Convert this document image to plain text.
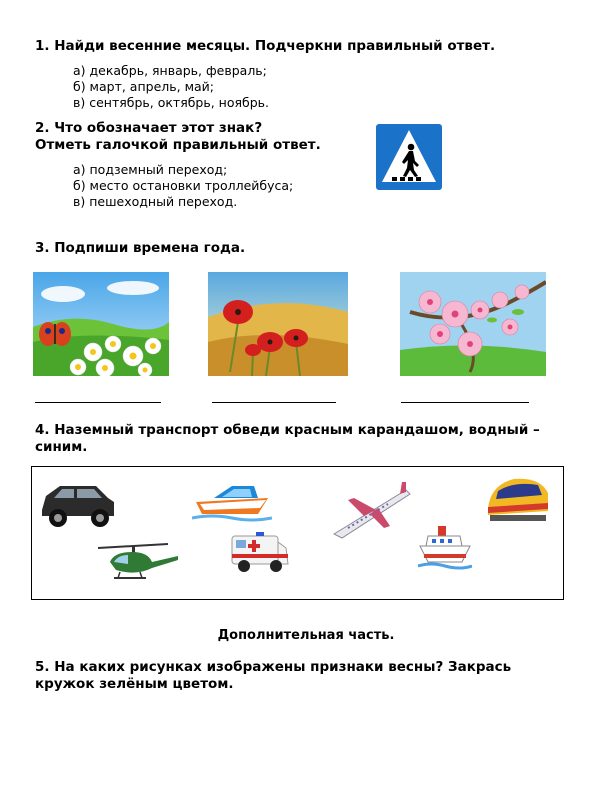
1. Найди весенние месяцы. Подчеркни правильный ответ.
а) декабрь, январь, февраль;
б) март, апрель, май;
в) сентябрь, октябрь, ноябрь.
2. Что обозначает этот знак?
Отметь галочкой правильный ответ.
а) подземный переход;
б) место остановки троллейбуса;
в) пешеходный переход.
3. Подпиши времена года.
4. Наземный транспорт обведи красным карандашом, водный –
синим.
Дополнительная часть.
5. На каких рисунках изображены признаки весны? Закрась
кружок зелёным цветом.
